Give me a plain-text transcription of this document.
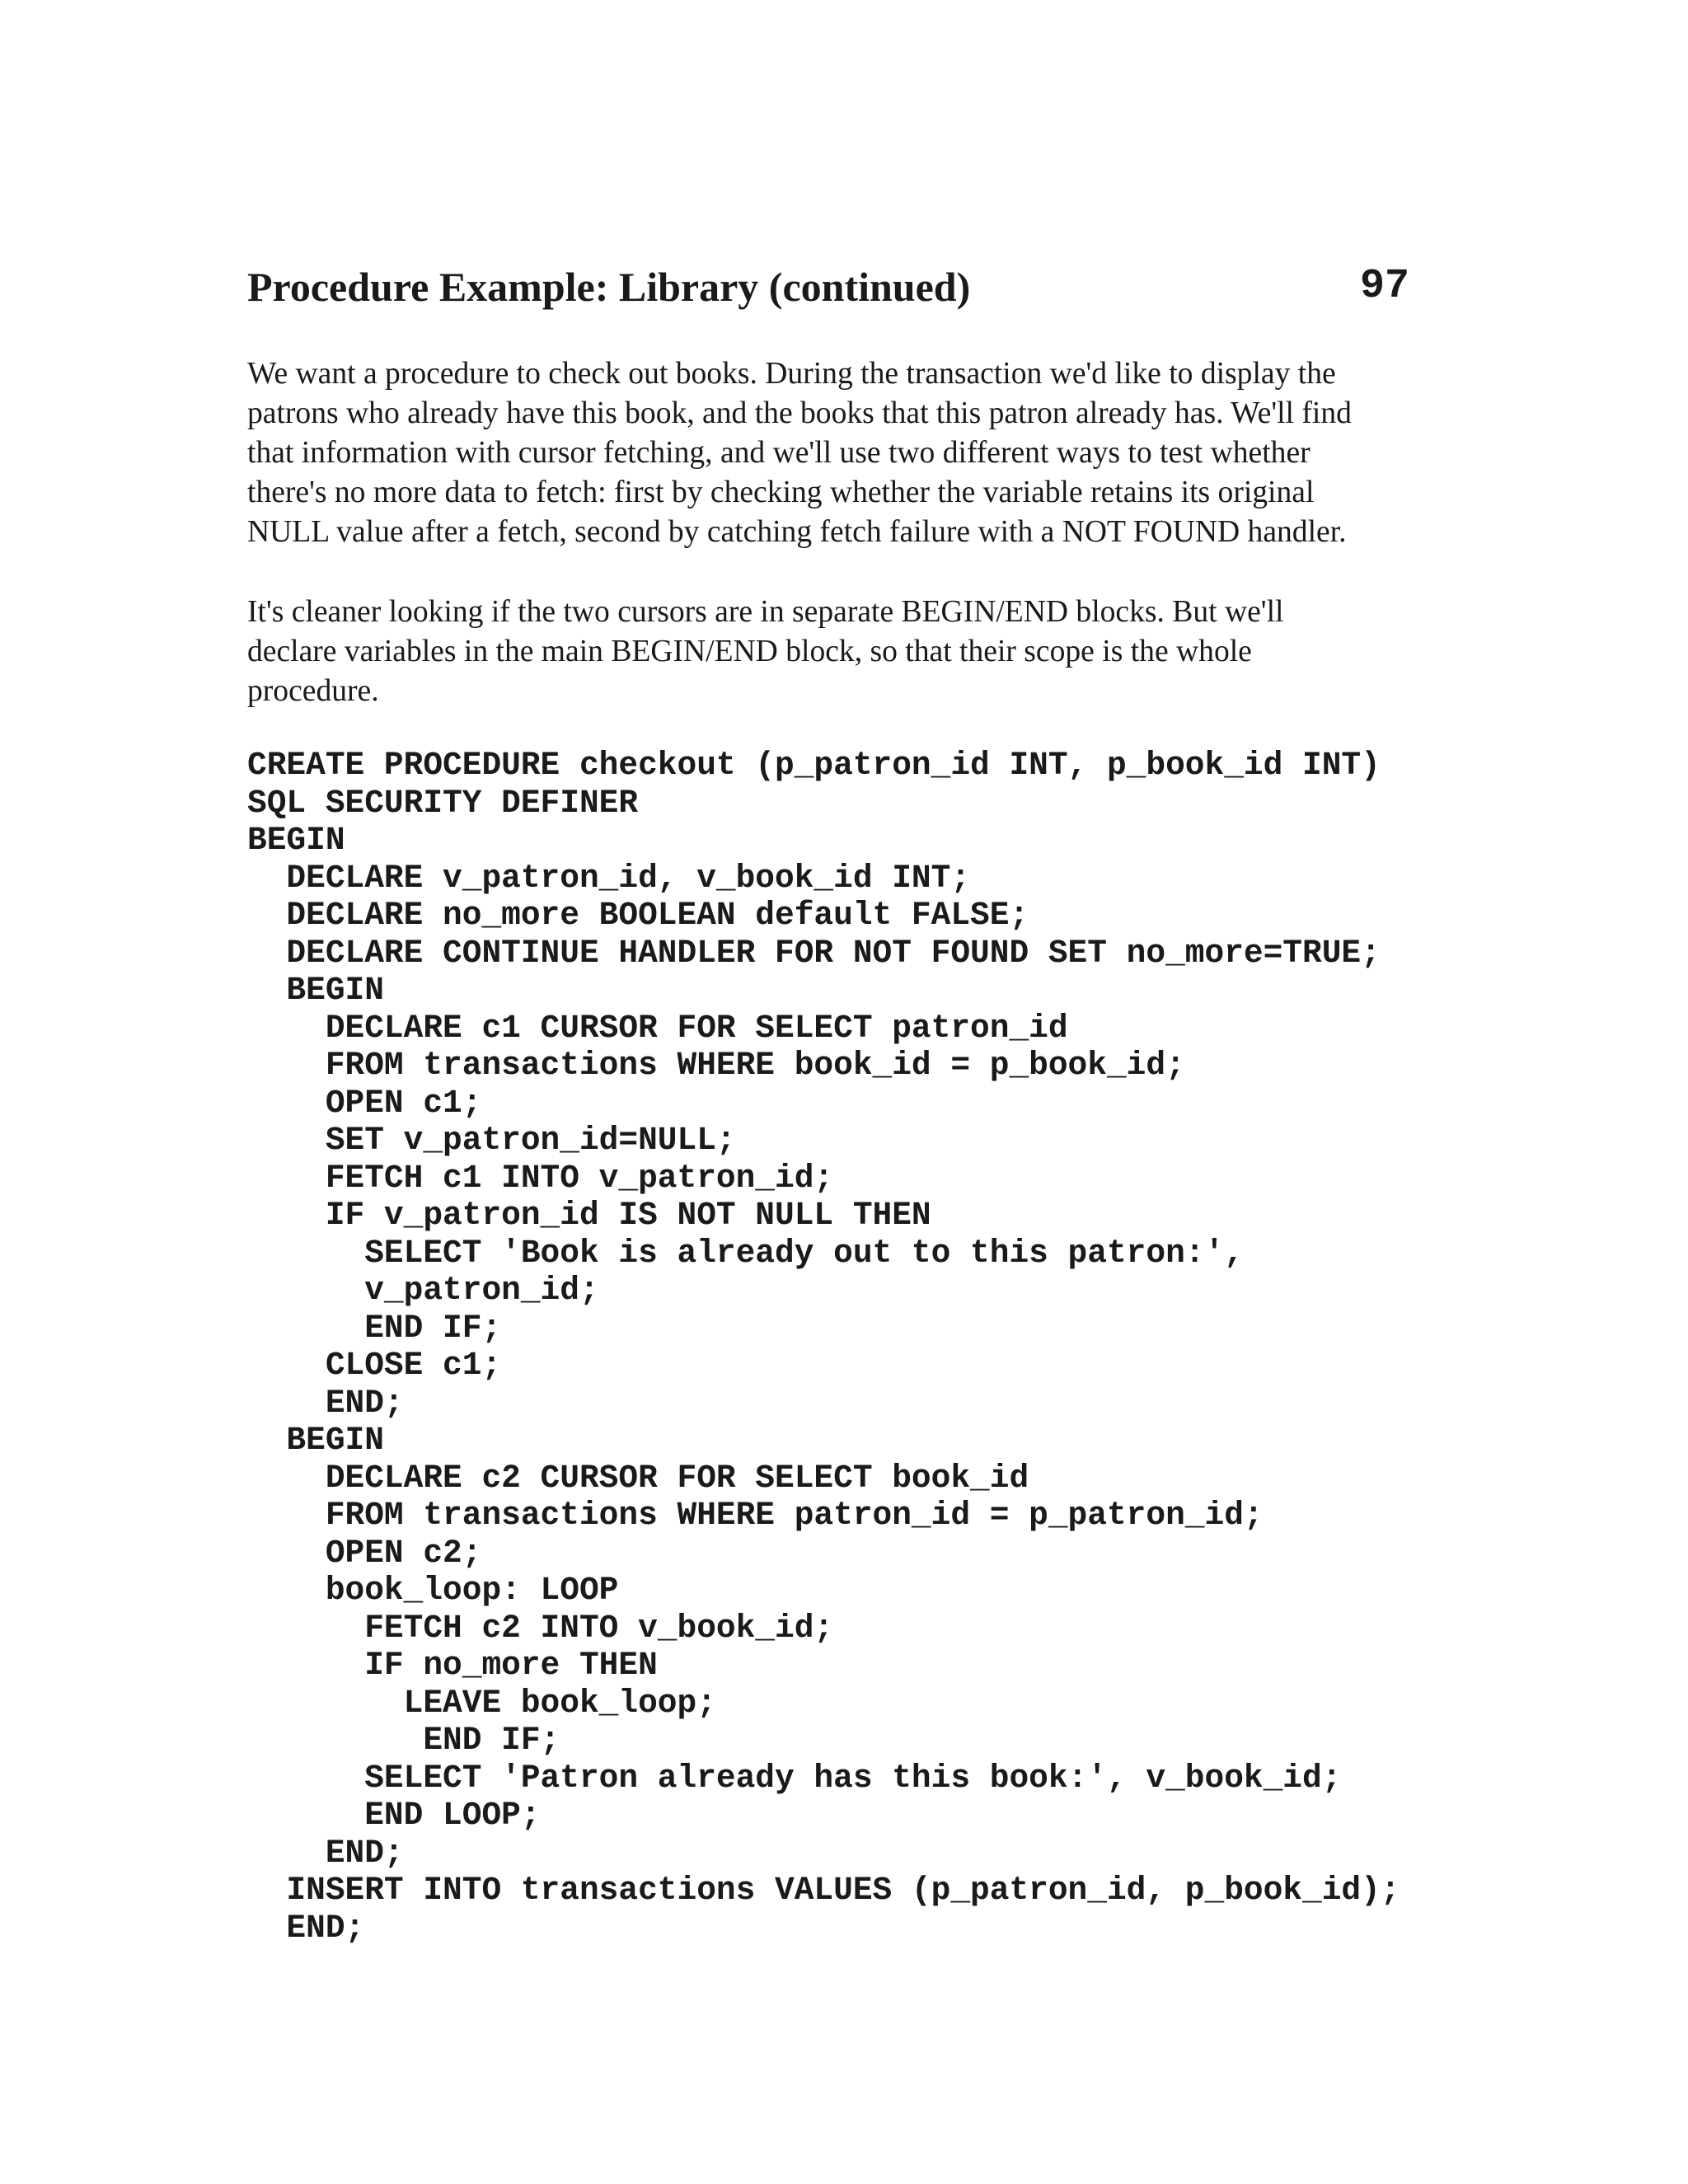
Procedure Example: Library (continued)	97
We want a procedure to check out books. During the transaction we'd like to display the
patrons who already have this book, and the books that this patron already has. We'll find
that information with cursor fetching, and we'll use two different ways to test whether
there's no more data to fetch: first by checking whether the variable retains its original
NULL value after a fetch, second by catching fetch failure with a NOT FOUND handler.
It's cleaner looking if the two cursors are in separate BEGIN/END blocks. But we'll
declare variables in the main BEGIN/END block, so that their scope is the whole
procedure.
CREATE PROCEDURE checkout (p_patron_id INT, p_book_id INT)
SQL SECURITY DEFINER
BEGIN
DECLARE v_patron_id, v_book_id INT;
DECLARE no_more BOOLEAN default FALSE;
DECLARE CONTINUE HANDLER FOR NOT FOUND SET no_more=TRUE;
BEGIN
DECLARE c1 CURSOR FOR SELECT patron_id
FROM transactions WHERE book_id = p_book_id;
OPEN c1;
SET v_patron_id=NULL;
FETCH c1 INTO v_patron_id;
IF v_patron_id IS NOT NULL THEN
SELECT 'Book is already out to this patron:',
v_patron_id;
END IF;
CLOSE c1;
END;
BEGIN
DECLARE c2 CURSOR FOR SELECT book_id
FROM transactions WHERE patron_id = p_patron_id;
OPEN c2;
book_loop: LOOP
FETCH c2 INTO v_book_id;
IF no_more THEN
LEAVE book_loop;
END IF;
SELECT 'Patron already has this book:', v_book_id;
END LOOP;
END;
INSERT INTO transactions VALUES (p_patron_id, p_book_id);
END;
